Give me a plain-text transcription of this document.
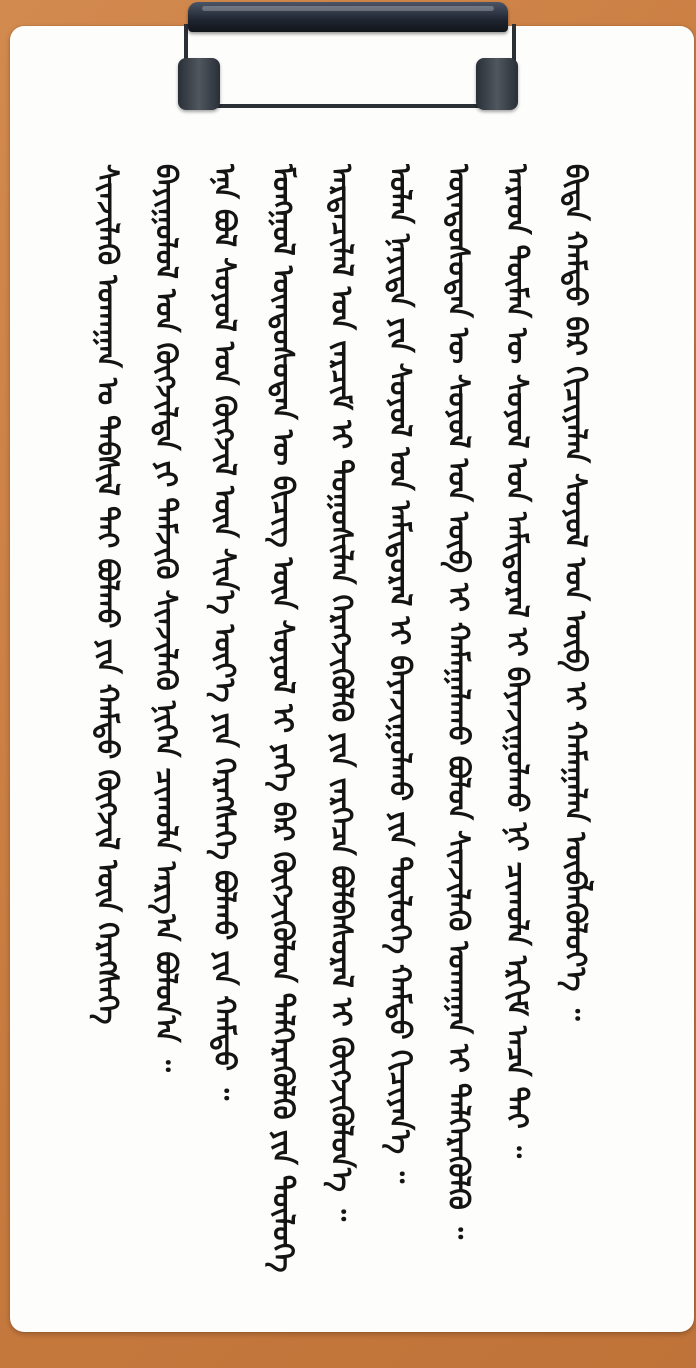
ᠰᠢᠨᠵᠢᠯᠡᠬᠦ ᠤᠬᠠᠭᠠᠨ ᠤ ᠳᠡᠪᠰᠢᠯ ᠲᠡᠢ ᠪᠣᠯᠬᠤ ᠶᠢᠨ ᠬᠠᠮᠲᠤ ᠬᠥᠭᠵᠢᠯ ᠦᠨ ᠬᠡᠷᠡᠭᠰᠡᠭᠡ ᠪᠠᠶᠢᠭᠤᠯᠤᠯ ᠤᠨ ᠬᠥᠭᠵᠢᠯᠲᠡ ᠶᠢ ᠳᠡᠮᠵᠢᠬᠦ ᠰᠢᠨᠵᠢᠯᠡᠬᠦ ᠨᠢᠭᠡᠨ ᠴᠢᠬᠤᠯᠠ ᠠᠷᠭ᠎ᠠ ᠪᠣᠯᠤᠨ᠎ᠠ ᠃ ᠡᠨᠡ ᠪᠣᠯ ᠰᠣᠶᠣᠯ ᠤᠨ ᠬᠥᠭᠵᠢᠯ ᠦᠨ ᠰᠢᠨ᠎ᠡ ᠦᠶ᠎ᠡ ᠶᠢᠨ ᠬᠡᠷᠡᠭᠰᠡᠭᠡ ᠪᠣᠯᠬᠤ ᠶᠢᠨ ᠬᠠᠮᠲᠤ ᠃ ᠮᠣᠩᠭᠣᠯ ᠦᠨᠳᠦᠰᠦᠲᠡᠨ ᠦ ᠪᠢᠴᠢᠭ ᠦᠨ ᠰᠣᠶᠣᠯ ᠢ ᠶᠡᠬᠡ ᠪᠠᠷ ᠬᠥᠭᠵᠢᠭᠦᠯᠦᠨ ᠳᠡᠯᠭᠡᠷᠡᠭᠦᠯᠬᠦ ᠶᠢᠨ ᠲᠥᠯᠥᠭᠡ ᠠᠷᠳᠠᠴᠢᠯᠠᠯ ᠤᠨ ᠵᠠᠷᠴᠢᠮ ᠢ ᠲᠤᠭᠤᠰᠢᠯᠠᠨ ᠬᠡᠷᠡᠭᠵᠢᠭᠦᠯᠬᠦ ᠶᠢᠨ ᠵᠡᠷᠭᠡᠴᠡ ᠪᠣᠯᠪᠠᠰᠤᠷᠠᠯ ᠢ ᠬᠥᠭᠵᠢᠭᠦᠯᠦᠨ᠎ᠡ ᠃ ᠣᠯᠠᠨ ᠨᠡᠶᠢᠲᠡ ᠶᠢᠨ ᠰᠣᠶᠣᠯ ᠤᠨ ᠠᠮᠢᠳᠤᠷᠠᠯ ᠢ ᠪᠠᠶᠠᠵᠢᠭᠤᠯᠬᠤ ᠶᠢᠨ ᠲᠥᠯᠥᠭᠡ ᠬᠠᠮᠲᠤ ᠬᠢᠴᠢᠶᠡᠨ᠎ᠡ ᠃ ᠦᠨᠳᠦᠰᠦᠲᠡᠨ ᠦ ᠰᠣᠶᠣᠯ ᠤᠨ ᠥᠪ ᠢ ᠬᠠᠮᠠᠭᠠᠯᠠᠬᠤ ᠪᠣᠯᠤᠨ ᠰᠢᠨᠵᠢᠯᠡᠬᠦ ᠤᠬᠠᠭᠠᠨ ᠢ ᠳᠡᠯᠭᠡᠷᠡᠭᠦᠯᠬᠦ ᠃ ᠠᠷᠠᠳ ᠲᠦᠮᠡᠨ ᠦ ᠰᠣᠶᠣᠯ ᠤᠨ ᠠᠮᠢᠳᠤᠷᠠᠯ ᠢ ᠪᠠᠶᠠᠵᠢᠭᠤᠯᠬᠤ ᠨᠢ ᠴᠢᠬᠤᠯᠠ ᠡᠷᠬᠢᠮ ᠠᠴᠠ ᠲᠠᠢ ᠃ ᠪᠢᠳᠡ ᠬᠠᠮᠲᠤ ᠪᠠᠷ ᠬᠢᠴᠢᠶᠡᠯᠡᠨ ᠰᠣᠶᠣᠯ ᠤᠨ ᠥᠪ ᠢ ᠬᠠᠮᠠᠭᠠᠯᠠᠨ ᠥᠪᠯᠡᠭᠦᠯᠦᠶ᠎ᠡ ᠃
